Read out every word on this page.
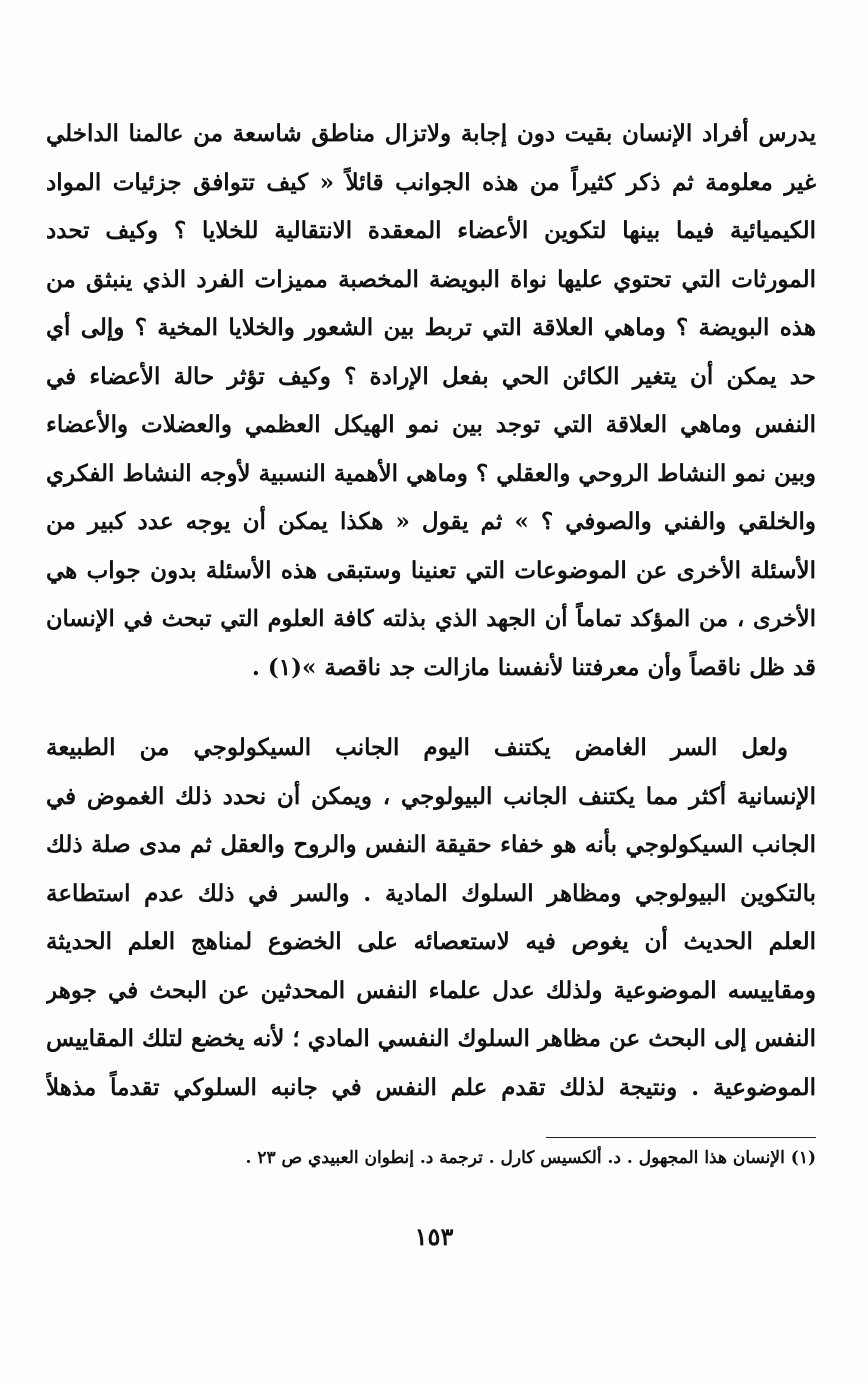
يدرس أفراد الإنسان بقيت دون إجابة ولاتزال مناطق شاسعة من عالمنا الداخلي
غير معلومة ثم ذكر كثيراً من هذه الجوانب قائلاً « كيف تتوافق جزئيات المواد
الكيميائية فيما بينها لتكوين الأعضاء المعقدة الانتقالية للخلايا ؟ وكيف تحدد
المورثات التي تحتوي عليها نواة البويضة المخصبة مميزات الفرد الذي ينبثق من
هذه البويضة ؟ وماهي العلاقة التي تربط بين الشعور والخلايا المخية ؟ وإلى أي
حد يمكن أن يتغير الكائن الحي بفعل الإرادة ؟ وكيف تؤثر حالة الأعضاء في
النفس وماهي العلاقة التي توجد بين نمو الهيكل العظمي والعضلات والأعضاء
وبين نمو النشاط الروحي والعقلي ؟ وماهي الأهمية النسبية لأوجه النشاط الفكري
والخلقي والفني والصوفي ؟ » ثم يقول « هكذا يمكن أن يوجه عدد كبير من
الأسئلة الأخرى عن الموضوعات التي تعنينا وستبقى هذه الأسئلة بدون جواب هي
الأخرى ، من المؤكد تماماً أن الجهد الذي بذلته كافة العلوم التي تبحث في الإنسان
قد ظل ناقصاً وأن معرفتنا لأنفسنا مازالت جد ناقصة »(١) .
ولعل السر الغامض يكتنف اليوم الجانب السيكولوجي من الطبيعة
الإنسانية أكثر مما يكتنف الجانب البيولوجي ، ويمكن أن نحدد ذلك الغموض في
الجانب السيكولوجي بأنه هو خفاء حقيقة النفس والروح والعقل ثم مدى صلة ذلك
بالتكوين البيولوجي ومظاهر السلوك المادية . والسر في ذلك عدم استطاعة
العلم الحديث أن يغوص فيه لاستعصائه على الخضوع لمناهج العلم الحديثة
ومقاييسه الموضوعية ولذلك عدل علماء النفس المحدثين عن البحث في جوهر
النفس إلى البحث عن مظاهر السلوك النفسي المادي ؛ لأنه يخضع لتلك المقاييس
الموضوعية . ونتيجة لذلك تقدم علم النفس في جانبه السلوكي تقدماً مذهلاً
(١) الإنسان هذا المجهول . د. ألكسيس كارل . ترجمة د. إنطوان العبيدي ص ٢٣ .
١٥٣
